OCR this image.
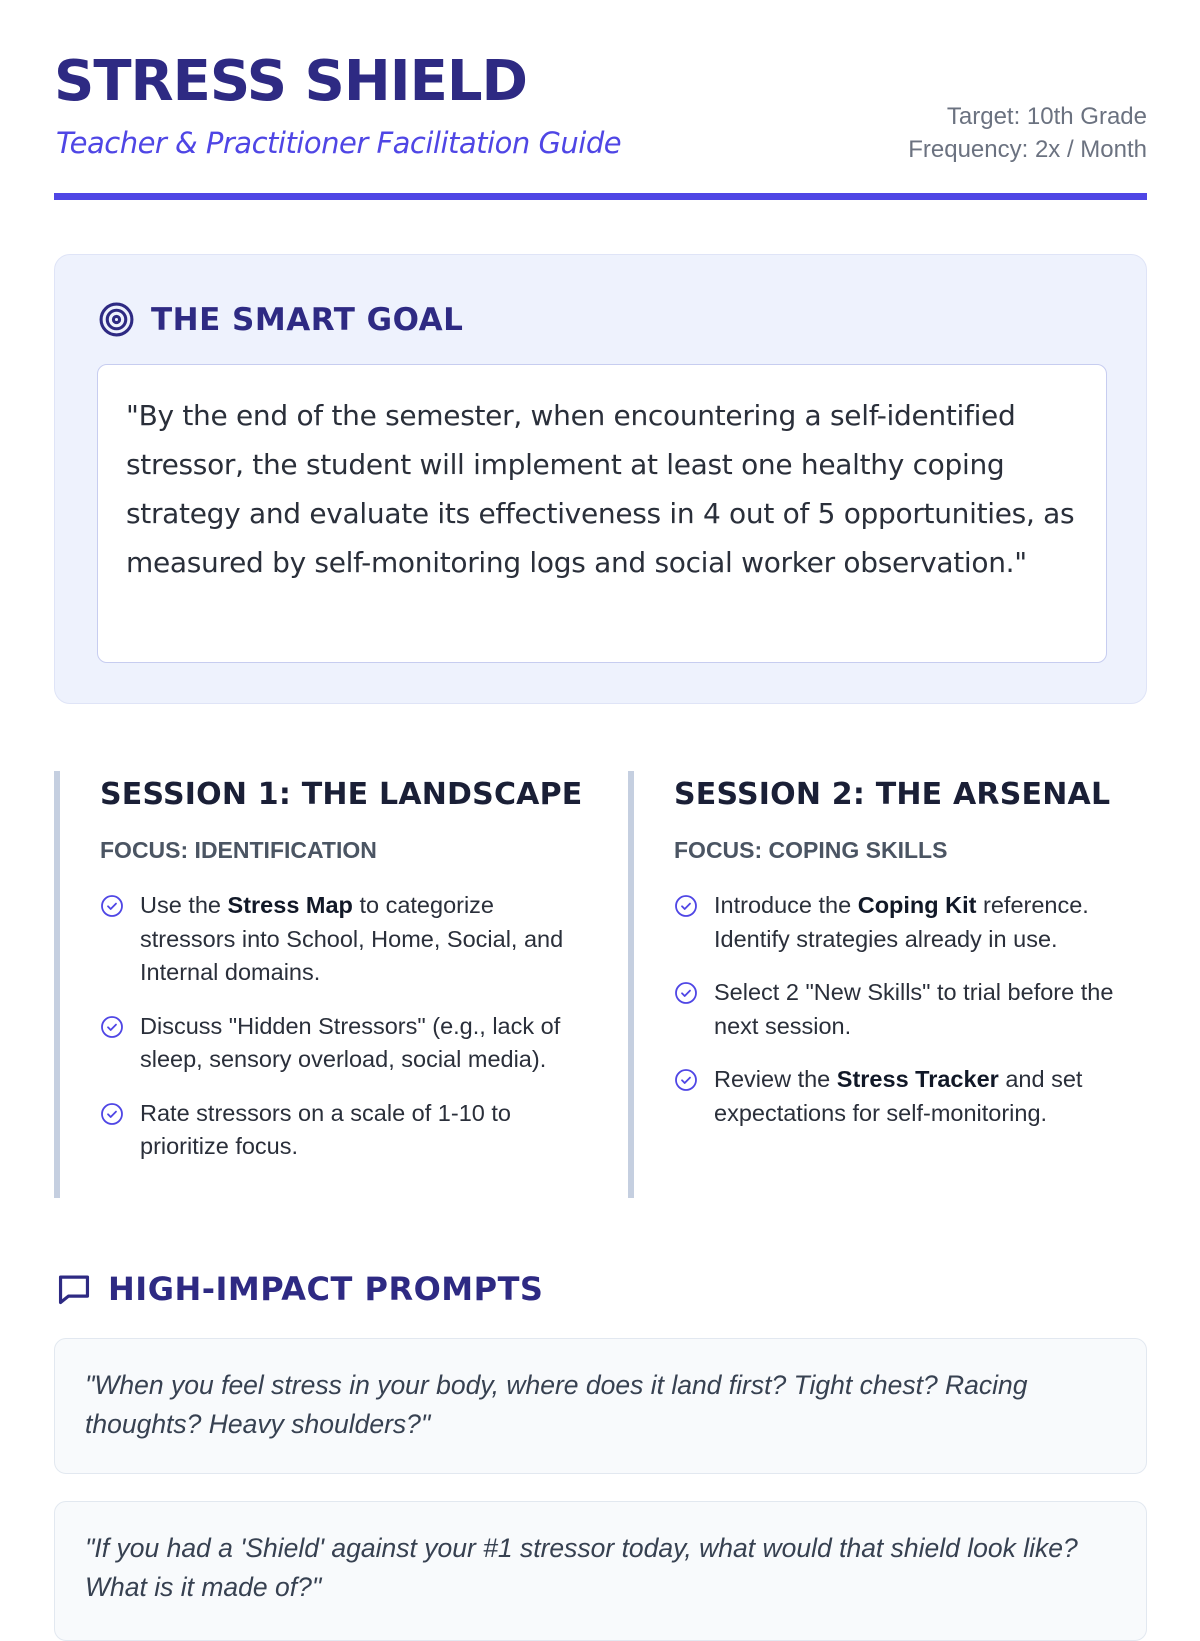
STRESS SHIELD
Teacher & Practitioner Facilitation Guide
Target: 10th Grade
Frequency: 2x / Month
THE SMART GOAL

"By the end of the semester, when encountering a self-identified stressor, the student will implement at least one healthy coping strategy and evaluate its effectiveness in 4 out of 5 opportunities, as measured by self-monitoring logs and social worker observation."

SESSION 1: THE LANDSCAPE
FOCUS: IDENTIFICATION
Use the Stress Map to categorize stressors into School, Home, Social, and Internal domains.
Discuss "Hidden Stressors" (e.g., lack of sleep, sensory overload, social media).
Rate stressors on a scale of 1-10 to prioritize focus.
SESSION 2: THE ARSENAL
FOCUS: COPING SKILLS
Introduce the Coping Kit reference. Identify strategies already in use.
Select 2 "New Skills" to trial before the next session.
Review the Stress Tracker and set expectations for self-monitoring.
HIGH-IMPACT PROMPTS

"When you feel stress in your body, where does it land first? Tight chest? Racing thoughts? Heavy shoulders?"

"If you had a 'Shield' against your #1 stressor today, what would that shield look like? What is it made of?"
